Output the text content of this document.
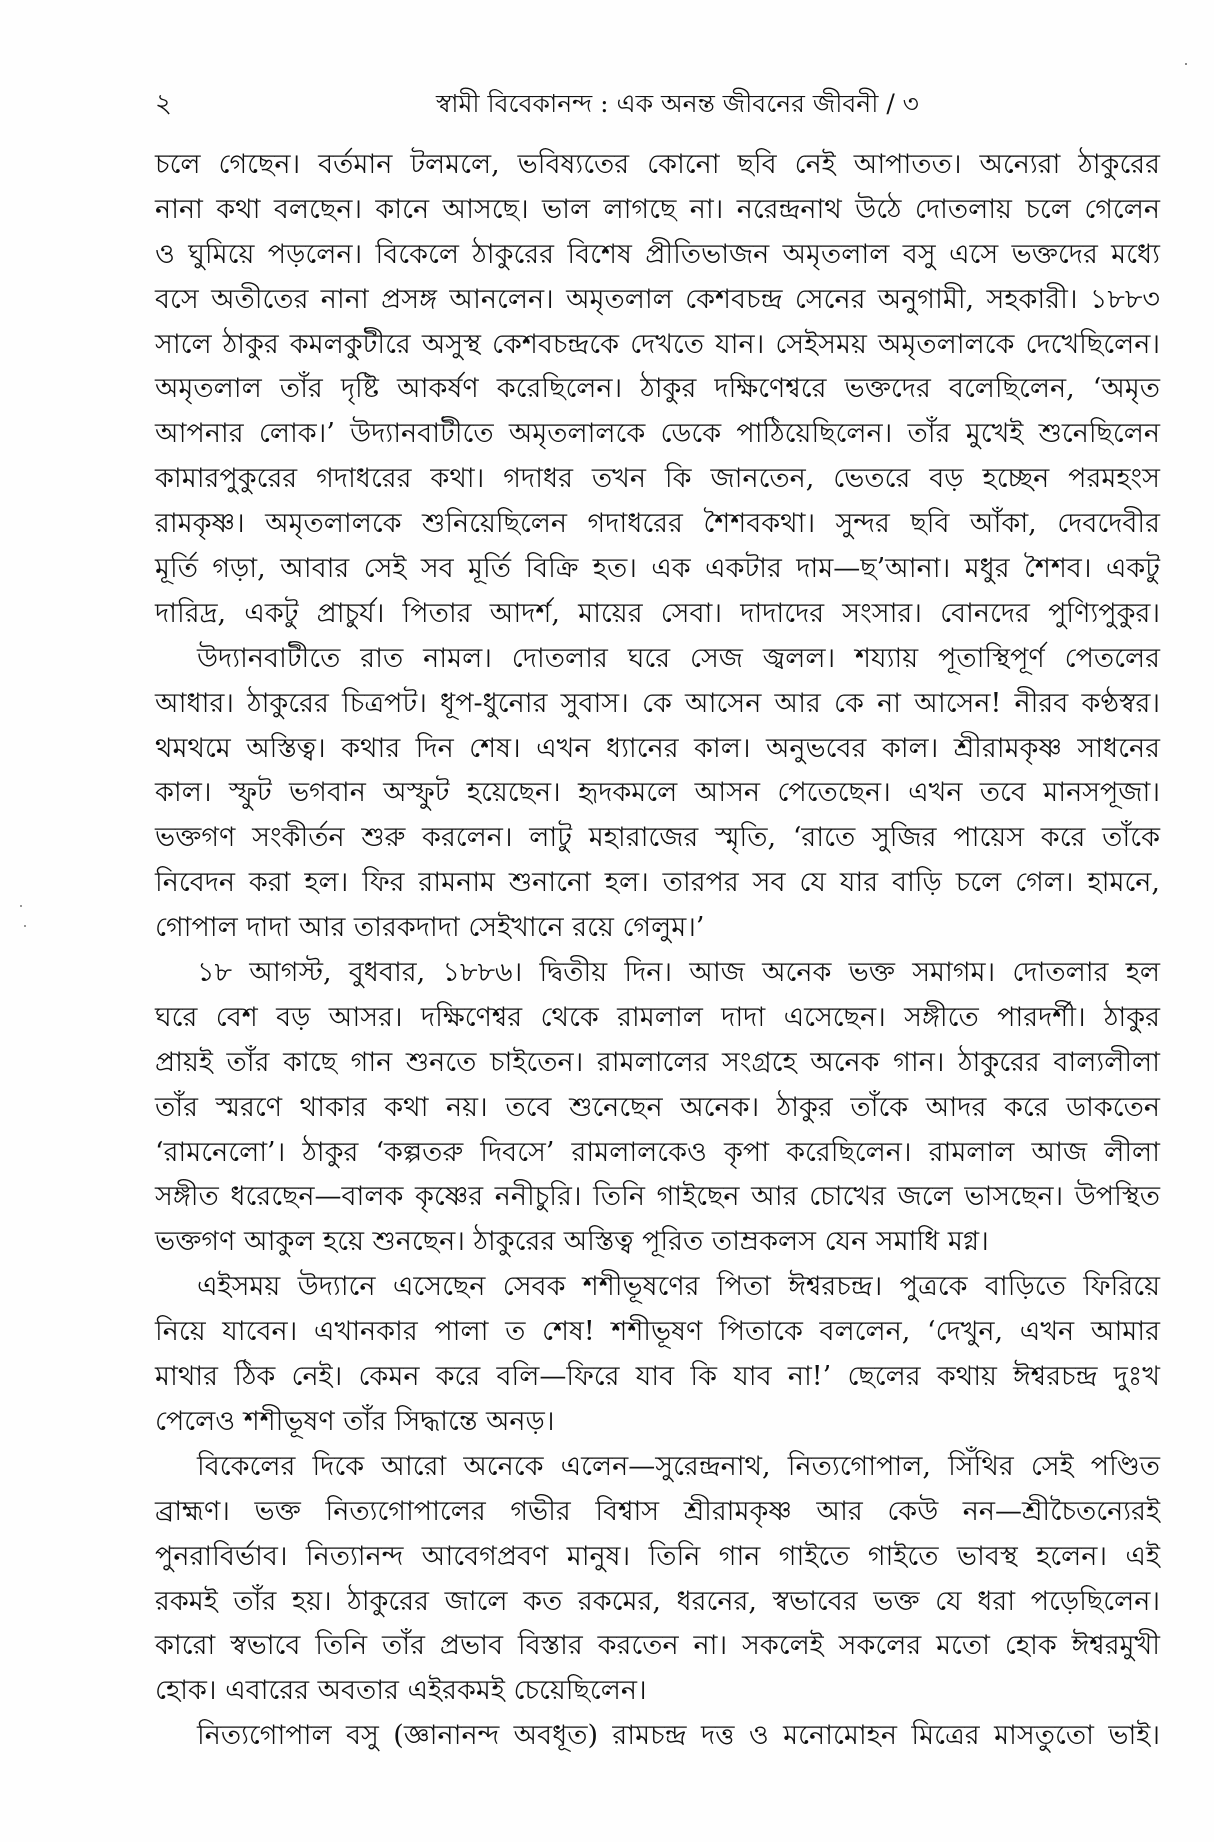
২	স্বামী বিবেকানন্দ : এক অনন্ত জীবনের জীবনী / ৩
চলে গেছেন। বর্তমান টলমলে, ভবিষ্যতের কোনো ছবি নেই আপাতত। অন্যেরা ঠাকুরের
নানা কথা বলছেন। কানে আসছে। ভাল লাগছে না। নরেন্দ্রনাথ উঠে দোতলায় চলে গেলেন
ও ঘুমিয়ে পড়লেন। বিকেলে ঠাকুরের বিশেষ প্রীতিভাজন অমৃতলাল বসু এসে ভক্তদের মধ্যে
বসে অতীতের নানা প্রসঙ্গ আনলেন। অমৃতলাল কেশবচন্দ্র সেনের অনুগামী, সহকারী। ১৮৮৩
সালে ঠাকুর কমলকুটীরে অসুস্থ কেশবচন্দ্রকে দেখতে যান। সেইসময় অমৃতলালকে দেখেছিলেন।
অমৃতলাল তাঁর দৃষ্টি আকর্ষণ করেছিলেন। ঠাকুর দক্ষিণেশ্বরে ভক্তদের বলেছিলেন, ‘অমৃত
আপনার লোক।’ উদ্যানবাটীতে অমৃতলালকে ডেকে পাঠিয়েছিলেন। তাঁর মুখেই শুনেছিলেন
কামারপুকুরের গদাধরের কথা। গদাধর তখন কি জানতেন, ভেতরে বড় হচ্ছেন পরমহংস
রামকৃষ্ণ। অমৃতলালকে শুনিয়েছিলেন গদাধরের শৈশবকথা। সুন্দর ছবি আঁকা, দেবদেবীর
মূর্তি গড়া, আবার সেই সব মূর্তি বিক্রি হত। এক একটার দাম—ছ’আনা। মধুর শৈশব। একটু
দারিদ্র, একটু প্রাচুর্য। পিতার আদর্শ, মায়ের সেবা। দাদাদের সংসার। বোনদের পুণ্যিপুকুর।
উদ্যানবাটীতে রাত নামল। দোতলার ঘরে সেজ জ্বলল। শয্যায় পূতাস্থিপূর্ণ পেতলের
আধার। ঠাকুরের চিত্রপট। ধূপ-ধুনোর সুবাস। কে আসেন আর কে না আসেন! নীরব কণ্ঠস্বর।
থমথমে অস্তিত্ব। কথার দিন শেষ। এখন ধ্যানের কাল। অনুভবের কাল। শ্রীরামকৃষ্ণ সাধনের
কাল। স্ফুট ভগবান অস্ফুট হয়েছেন। হৃদকমলে আসন পেতেছেন। এখন তবে মানসপূজা।
ভক্তগণ সংকীর্তন শুরু করলেন। লাটু মহারাজের স্মৃতি, ‘রাতে সুজির পায়েস করে তাঁকে
নিবেদন করা হল। ফির রামনাম শুনানো হল। তারপর সব যে যার বাড়ি চলে গেল। হামনে,
গোপাল দাদা আর তারকদাদা সেইখানে রয়ে গেলুম।’
১৮ আগস্ট, বুধবার, ১৮৮৬। দ্বিতীয় দিন। আজ অনেক ভক্ত সমাগম। দোতলার হল
ঘরে বেশ বড় আসর। দক্ষিণেশ্বর থেকে রামলাল দাদা এসেছেন। সঙ্গীতে পারদর্শী। ঠাকুর
প্রায়ই তাঁর কাছে গান শুনতে চাইতেন। রামলালের সংগ্রহে অনেক গান। ঠাকুরের বাল্যলীলা
তাঁর স্মরণে থাকার কথা নয়। তবে শুনেছেন অনেক। ঠাকুর তাঁকে আদর করে ডাকতেন
‘রামনেলো’। ঠাকুর ‘কল্পতরু দিবসে’ রামলালকেও কৃপা করেছিলেন। রামলাল আজ লীলা
সঙ্গীত ধরেছেন—বালক কৃষ্ণের ননীচুরি। তিনি গাইছেন আর চোখের জলে ভাসছেন। উপস্থিত
ভক্তগণ আকুল হয়ে শুনছেন। ঠাকুরের অস্তিত্ব পূরিত তাম্রকলস যেন সমাধি মগ্ন।
এইসময় উদ্যানে এসেছেন সেবক শশীভূষণের পিতা ঈশ্বরচন্দ্র। পুত্রকে বাড়িতে ফিরিয়ে
নিয়ে যাবেন। এখানকার পালা ত শেষ! শশীভূষণ পিতাকে বললেন, ‘দেখুন, এখন আমার
মাথার ঠিক নেই। কেমন করে বলি—ফিরে যাব কি যাব না!’ ছেলের কথায় ঈশ্বরচন্দ্র দুঃখ
পেলেও শশীভূষণ তাঁর সিদ্ধান্তে অনড়।
বিকেলের দিকে আরো অনেকে এলেন—সুরেন্দ্রনাথ, নিত্যগোপাল, সিঁথির সেই পণ্ডিত
ব্রাহ্মণ। ভক্ত নিত্যগোপালের গভীর বিশ্বাস শ্রীরামকৃষ্ণ আর কেউ নন—শ্রীচৈতন্যেরই
পুনরাবির্ভাব। নিত্যানন্দ আবেগপ্রবণ মানুষ। তিনি গান গাইতে গাইতে ভাবস্থ হলেন। এই
রকমই তাঁর হয়। ঠাকুরের জালে কত রকমের, ধরনের, স্বভাবের ভক্ত যে ধরা পড়েছিলেন।
কারো স্বভাবে তিনি তাঁর প্রভাব বিস্তার করতেন না। সকলেই সকলের মতো হোক ঈশ্বরমুখী
হোক। এবারের অবতার এইরকমই চেয়েছিলেন।
নিত্যগোপাল বসু (জ্ঞানানন্দ অবধূত) রামচন্দ্র দত্ত ও মনোমোহন মিত্রের মাসতুতো ভাই।
